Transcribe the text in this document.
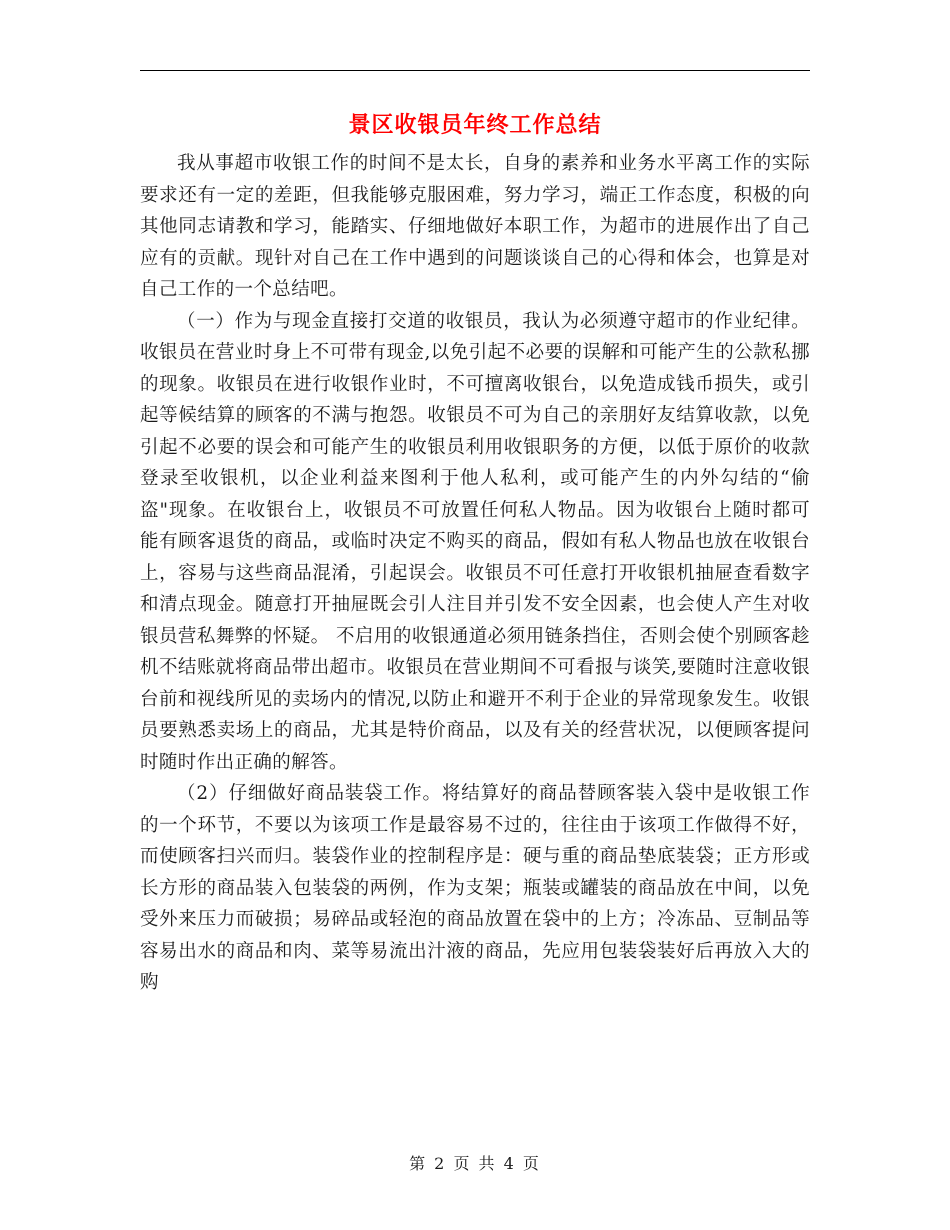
景区收银员年终工作总结

我从事超市收银工作的时间不是太长，自身的素养和业务水平离工作的实际要求还有一定的差距，但我能够克服困难，努力学习，端正工作态度，积极的向其他同志请教和学习，能踏实、仔细地做好本职工作，为超市的进展作出了自己应有的贡献。现针对自己在工作中遇到的问题谈谈自己的心得和体会，也算是对自己工作的一个总结吧。

（一）作为与现金直接打交道的收银员，我认为必须遵守超市的作业纪律。收银员在营业时身上不可带有现金,以免引起不必要的误解和可能产生的公款私挪的现象。收银员在进行收银作业时，不可擅离收银台，以免造成钱币损失，或引起等候结算的顾客的不满与抱怨。收银员不可为自己的亲朋好友结算收款，以免引起不必要的误会和可能产生的收银员利用收银职务的方便，以低于原价的收款登录至收银机，以企业利益来图利于他人私利，或可能产生的内外勾结的“偷盗"现象。在收银台上，收银员不可放置任何私人物品。因为收银台上随时都可能有顾客退货的商品，或临时决定不购买的商品，假如有私人物品也放在收银台上，容易与这些商品混淆，引起误会。收银员不可任意打开收银机抽屉查看数字和清点现金。随意打开抽屉既会引人注目并引发不安全因素，也会使人产生对收银员营私舞弊的怀疑。 不启用的收银通道必须用链条挡住，否则会使个别顾客趁机不结账就将商品带出超市。收银员在营业期间不可看报与谈笑,要随时注意收银台前和视线所见的卖场内的情况,以防止和避开不利于企业的异常现象发生。收银员要熟悉卖场上的商品，尤其是特价商品，以及有关的经营状况，以便顾客提问时随时作出正确的解答。

（2）仔细做好商品装袋工作。将结算好的商品替顾客装入袋中是收银工作的一个环节，不要以为该项工作是最容易不过的，往往由于该项工作做得不好，而使顾客扫兴而归。装袋作业的控制程序是：硬与重的商品垫底装袋；正方形或长方形的商品装入包装袋的两例，作为支架；瓶装或罐装的商品放在中间，以免受外来压力而破损；易碎品或轻泡的商品放置在袋中的上方；冷冻品、豆制品等容易出水的商品和肉、菜等易流出汁液的商品，先应用包装袋装好后再放入大的购

第 2 页 共 4 页
